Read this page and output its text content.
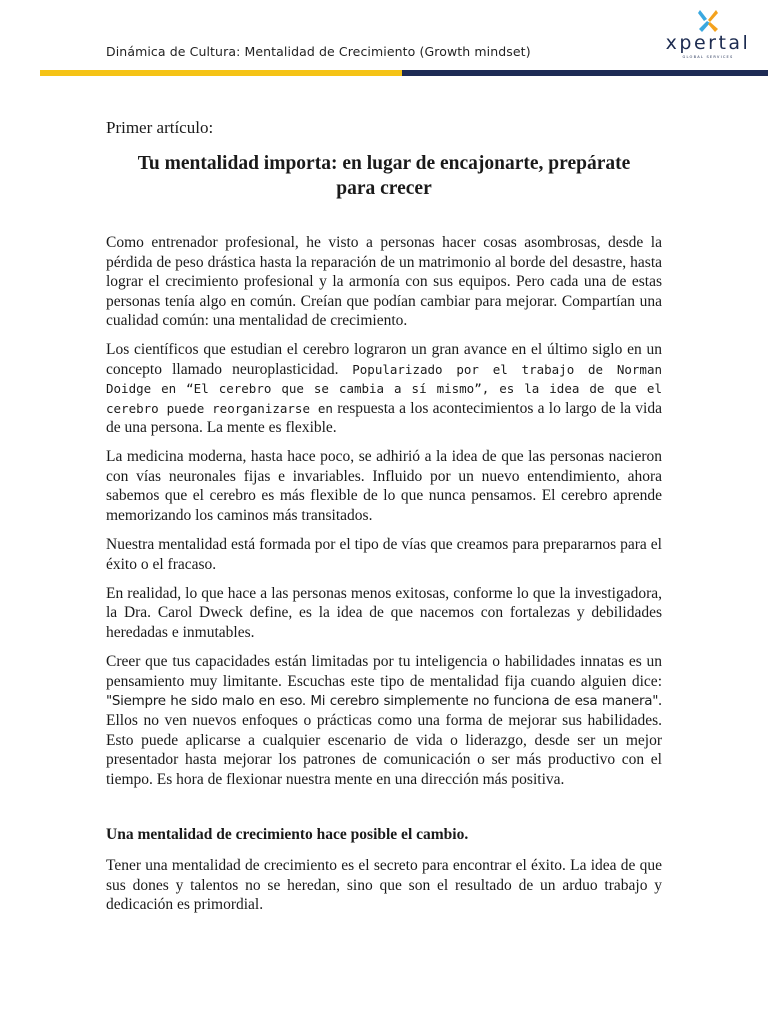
Dinámica de Cultura: Mentalidad de Crecimiento (Growth mindset)	xpertal
GLOBAL SERVICES
Primer artículo:
Tu mentalidad importa: en lugar de encajonarte, prepárate
para crecer

Como entrenador profesional, he visto a personas hacer cosas asombrosas, desde la pérdida de peso drástica hasta la reparación de un matrimonio al borde del desastre, hasta lograr el crecimiento profesional y la armonía con sus equipos. Pero cada una de estas personas tenía algo en común. Creían que podían cambiar para mejorar. Compartían una cualidad común: una mentalidad de crecimiento.

Los científicos que estudian el cerebro lograron un gran avance en el último siglo en un concepto llamado neuroplasticidad. Popularizado por el trabajo de Norman Doidge en “El cerebro que se cambia a sí mismo”, es la idea de que el cerebro puede reorganizarse en respuesta a los acontecimientos a lo largo de la vida de una persona. La mente es flexible.

La medicina moderna, hasta hace poco, se adhirió a la idea de que las personas nacieron con vías neuronales fijas e invariables. Influido por un nuevo entendimiento, ahora sabemos que el cerebro es más flexible de lo que nunca pensamos. El cerebro aprende memorizando los caminos más transitados.

Nuestra mentalidad está formada por el tipo de vías que creamos para prepararnos para el éxito o el fracaso.

En realidad, lo que hace a las personas menos exitosas, conforme lo que la investigadora, la Dra. Carol Dweck define, es la idea de que nacemos con fortalezas y debilidades heredadas e inmutables.

Creer que tus capacidades están limitadas por tu inteligencia o habilidades innatas es un pensamiento muy limitante. Escuchas este tipo de mentalidad fija cuando alguien dice: "Siempre he sido malo en eso. Mi cerebro simplemente no funciona de esa manera". Ellos no ven nuevos enfoques o prácticas como una forma de mejorar sus habilidades. Esto puede aplicarse a cualquier escenario de vida o liderazgo, desde ser un mejor presentador hasta mejorar los patrones de comunicación o ser más productivo con el tiempo. Es hora de flexionar nuestra mente en una dirección más positiva.

Una mentalidad de crecimiento hace posible el cambio.

Tener una mentalidad de crecimiento es el secreto para encontrar el éxito. La idea de que sus dones y talentos no se heredan, sino que son el resultado de un arduo trabajo y dedicación es primordial.
